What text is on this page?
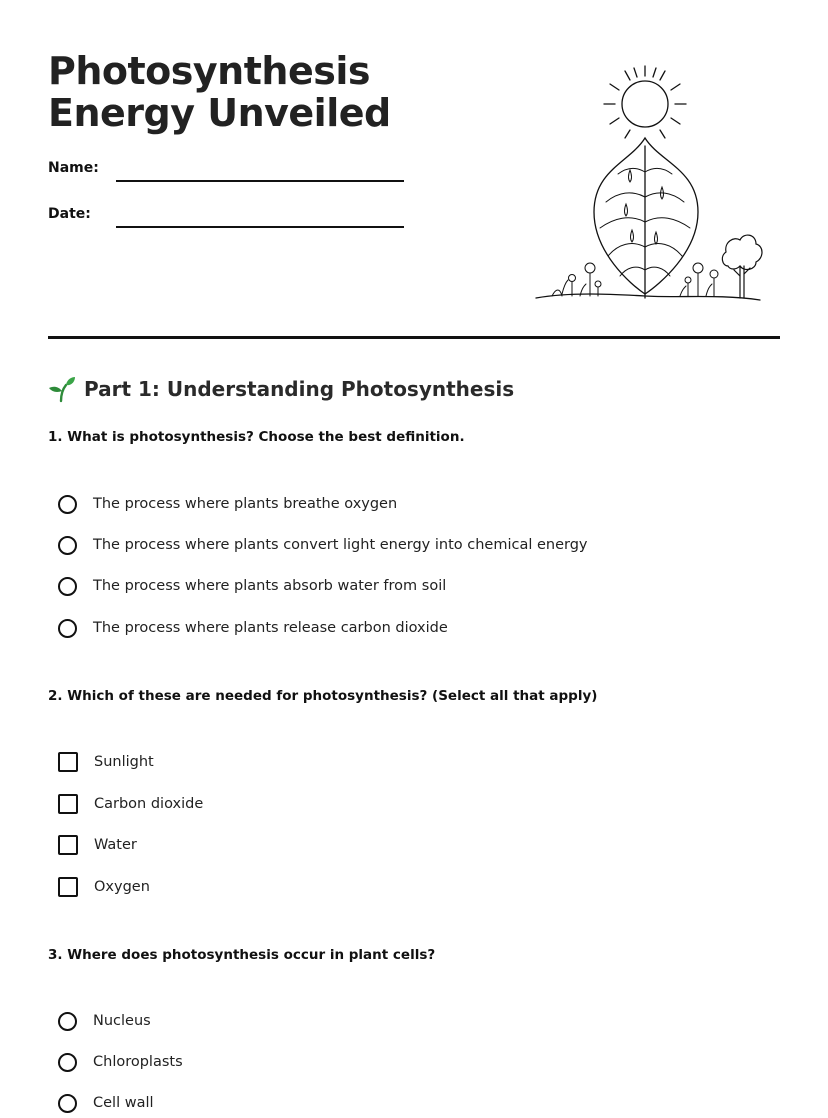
Photosynthesis Energy Unveiled
Name:
Date:
Part 1: Understanding Photosynthesis
1. What is photosynthesis? Choose the best definition.
The process where plants breathe oxygen
The process where plants convert light energy into chemical energy
The process where plants absorb water from soil
The process where plants release carbon dioxide
2. Which of these are needed for photosynthesis? (Select all that apply)
Sunlight
Carbon dioxide
Water
Oxygen
3. Where does photosynthesis occur in plant cells?
Nucleus
Chloroplasts
Cell wall
